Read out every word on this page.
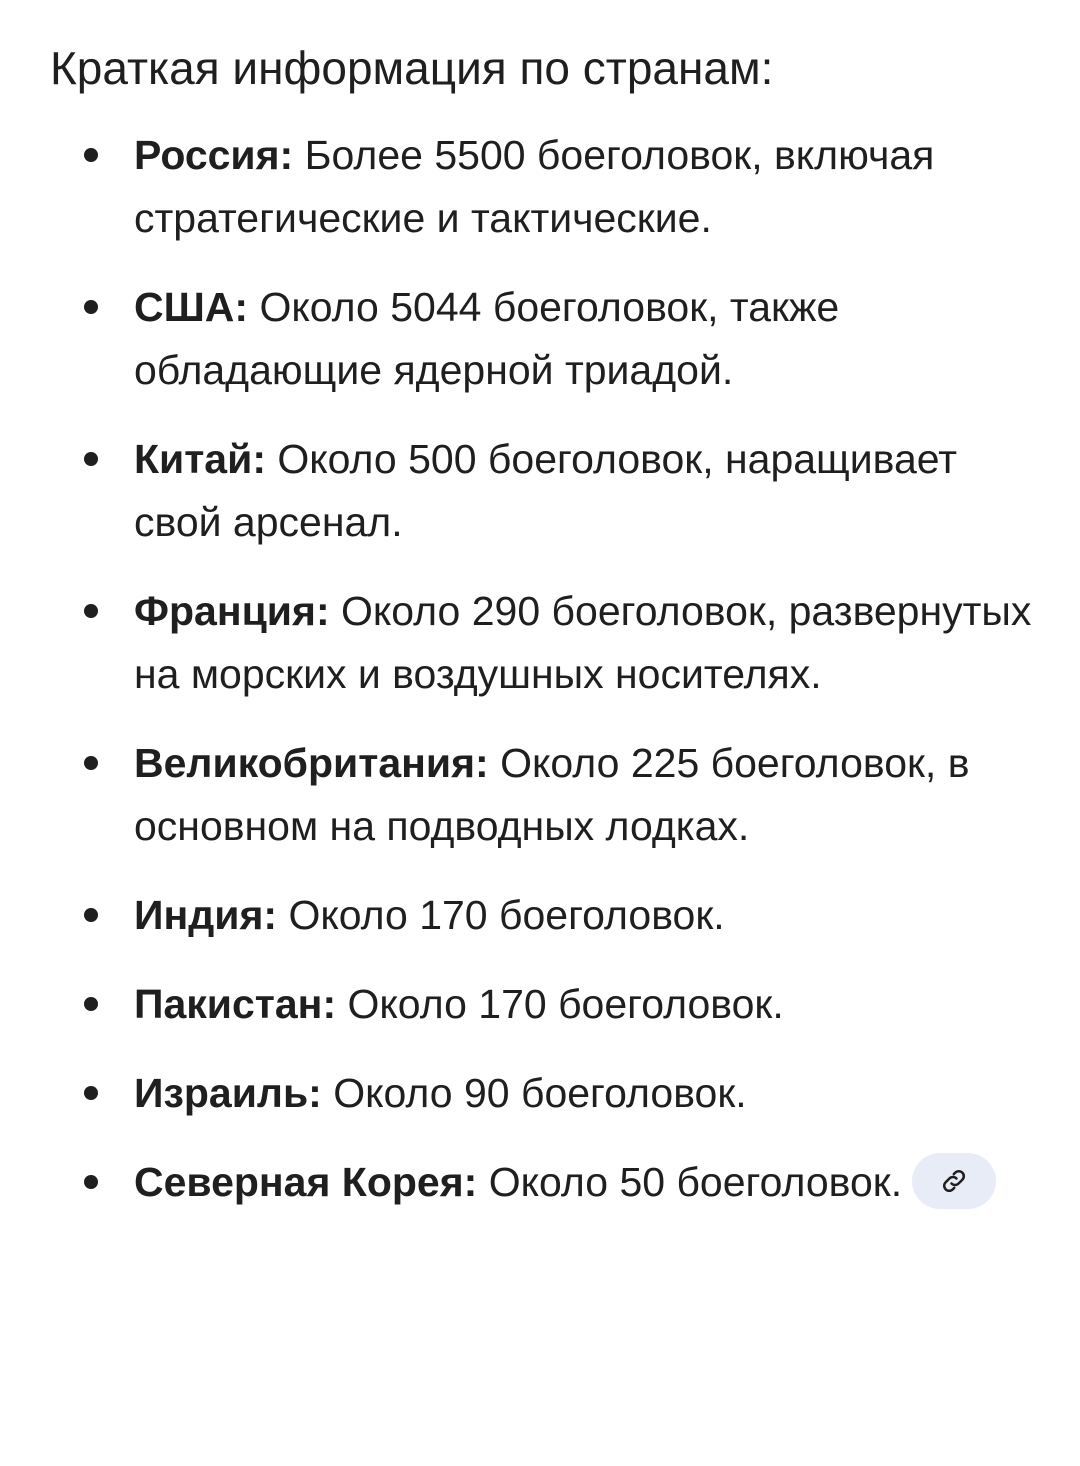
Краткая информация по странам:
Россия: Более 5500 боеголовок, включая стратегические и тактические.
США: Около 5044 боеголовок, также обладающие ядерной триадой.
Китай: Около 500 боеголовок, наращивает свой арсенал.
Франция: Около 290 боеголовок, развернутых на морских и воздушных носителях.
Великобритания: Около 225 боеголовок, в основном на подводных лодках.
Индия: Около 170 боеголовок.
Пакистан: Около 170 боеголовок.
Израиль: Около 90 боеголовок.
Северная Корея: Около 50 боеголовок.
